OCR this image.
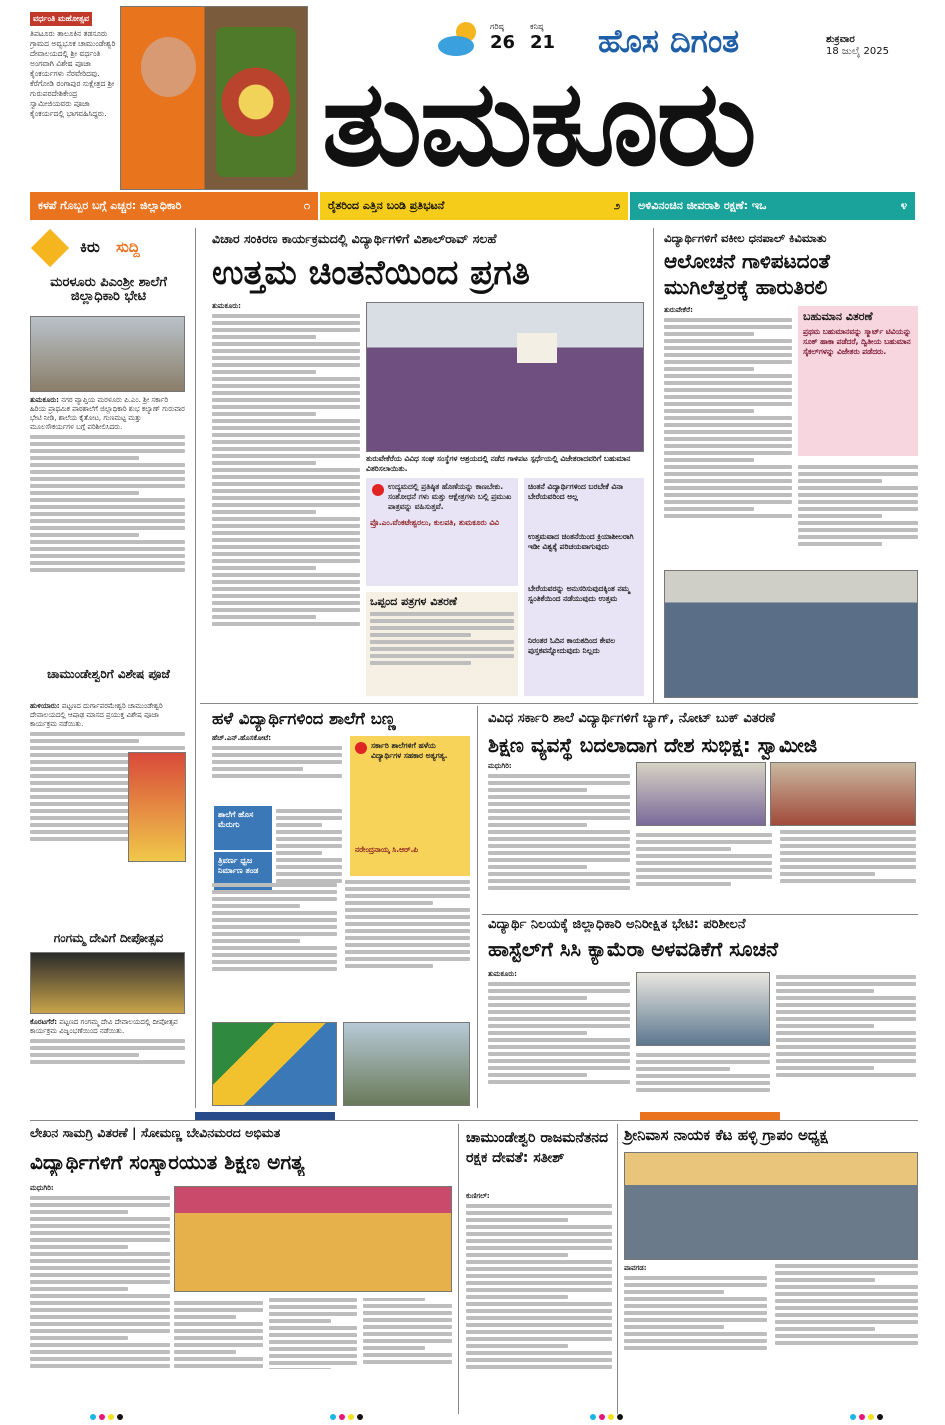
ವರ್ಧಂತಿ ಮಹೋತ್ಸವ
ತಿಪಟೂರು ತಾಲೂಕಿನ ತಡಸೂರು ಗ್ರಾಮದ ಅವ್ವಭೂಕ ಚಾಮುಂಡೇಶ್ವರಿ ದೇವಾಲಯದಲ್ಲಿ ಶ್ರೀ ವರ್ಧಂತಿ ಅಂಗವಾಗಿ ವಿಶೇಷ ಪೂಜಾ ಕೈಂಕರ್ಯಗಳು ನೆರವೇರಿದವು. ಕೆರೆಗೋಡಿ ರಂಗಾಪುರ ಸುಕ್ಷೇತ್ರದ ಶ್ರೀ ಗುರುಪರದೇಶಿಕೇಂದ್ರ ಸ್ವಾಮೀಜಿಯವರು ಪೂಜಾ ಕೈಂಕರ್ಯದಲ್ಲಿ ಭಾಗವಹಿಸಿದ್ದರು.
ಗರಿಷ್ಠ
26
ಕನಿಷ್ಠ
21 ಹೊಸ ದಿಗಂತ	ಶುಕ್ರವಾರ
18 ಜುಲೈ 2025
ತುಮಕೂರು
ಕಳಪೆ ಗೊಬ್ಬರ ಬಗ್ಗೆ ಎಚ್ಚರ: ಜಿಲ್ಲಾಧಿಕಾರಿ	೧ ರೈತರಿಂದ ಎತ್ತಿನ ಬಂಡಿ ಪ್ರತಿಭಟನೆ	೨ ಅಳಿವಿನಂಚಿನ ಜೀವರಾಶಿ ರಕ್ಷಣೆ: ಇಒ	೪
ಕಿರು ಸುದ್ದಿ
ಮರಳೂರು ಪಿಎಂಶ್ರೀ ಶಾಲೆಗೆ ಜಿಲ್ಲಾಧಿಕಾರಿ ಭೇಟಿ
ತುಮಕೂರು: ನಗರ ವ್ಯಾಪ್ತಿಯ ಮರಳೂರು ಪಿ.ಎಂ. ಶ್ರೀ ಸರ್ಕಾರಿ ಹಿರಿಯ ಪ್ರಾಥಮಿಕ ಪಾಠಶಾಲೆಗೆ ಜಿಲ್ಲಾಧಿಕಾರಿ ಶುಭ ಕಲ್ಯಾಣ್ ಗುರುವಾರ ಭೇಟಿ ನೀಡಿ, ಶಾಲೆಯ ಕೈತೋಟ, ಗುಣಮಟ್ಟ ಮತ್ತು ಮೂಲಸೌಕರ್ಯಗಳ ಬಗ್ಗೆ ಪರಿಶೀಲಿಸಿದರು.
ಚಾಮುಂಡೇಶ್ವರಿಗೆ ವಿಶೇಷ ಪೂಜೆ
ಹುಳಿಯಾರು: ಪಟ್ಟಣದ ದುರ್ಗಾಪರಮೇಶ್ವರಿ ಚಾಮುಂಡೇಶ್ವರಿ ದೇವಾಲಯದಲ್ಲಿ ಆಷಾಢ ಮಾಸದ ಪ್ರಯುಕ್ತ ವಿಶೇಷ ಪೂಜಾ ಕಾರ್ಯಕ್ರಮ ನಡೆಯಿತು.
ಗಂಗಮ್ಮ ದೇವಿಗೆ ದೀಪೋತ್ಸವ
ಕೊರಟಗೆರೆ: ಪಟ್ಟಣದ ಗಂಗಮ್ಮ ದೇವಿ ದೇವಾಲಯದಲ್ಲಿ ದೀಪೋತ್ಸವ ಕಾರ್ಯಕ್ರಮ ವಿಜೃಂಭಣೆಯಿಂದ ನಡೆಯಿತು.
ವಿಚಾರ ಸಂಕಿರಣ ಕಾರ್ಯಕ್ರಮದಲ್ಲಿ ವಿದ್ಯಾರ್ಥಿಗಳಿಗೆ ವಿಶಾಲ್‌ರಾವ್ ಸಲಹೆ
ಉತ್ತಮ ಚಿಂತನೆಯಿಂದ ಪ್ರಗತಿ
ತುಮಕೂರು:
ತುರುವೇಕೆರೆಯ ವಿವಿಧ ಸಂಘ ಸಂಸ್ಥೆಗಳ ಆಶ್ರಯದಲ್ಲಿ ನಡೆದ ಗಾಳಿಪಟ ಸ್ಪರ್ಧೆಯಲ್ಲಿ ವಿಜೇತರಾದವರಿಗೆ ಬಹುಮಾನ ವಿತರಿಸಲಾಯಿತು.
ಉದ್ಯಮದಲ್ಲಿ ಪ್ರತಿಷ್ಠಿತ ಹೊಣೆಯನ್ನು ಕಾಣಬೇಕು. ಸಂಶೋಧನೆ ಗಳು ಮತ್ತು ಆಕ್ಷೇತ್ರಗಳು ಬಲ್ಲಿ ಪ್ರಮುಖ ಪಾತ್ರವನ್ನು ವಹಿಸುತ್ತವೆ.
ಪ್ರೊ.ಎಂ.ವೆಂಕಟೇಶ್ವರಲು, ಕುಲಪತಿ, ತುಮಕೂರು ವಿವಿ
ಒಪ್ಪಂದ ಪತ್ರಗಳ ವಿತರಣೆ
ಚಿಂತನೆ ವಿದ್ಯಾರ್ಥಿಗಳಿಂದ ಬರಬೇಕೆ ವಿನಾ ಬೇರೆಯವರಿಂದ ಅಲ್ಲ
ಉತ್ತಮವಾದ ಚಿಂತನೆಯಿಂದ ಕ್ರಿಯಾಶೀಲರಾಗಿ ಇಡೀ ವಿಶ್ವಕ್ಕೆ ಪರಿಚಯವಾಗುವುದು
ಬೇರೆಯವರನ್ನು ಅನುಸರಿಸುವುದಕ್ಕಿಂತ ನಮ್ಮ ಸ್ವಂತಿಕೆಯಿಂದ ನಡೆಯುವುದು ಉತ್ತಮ
ನಿರಂತರ ಓದಿನ ಕಾಯಕದಿಂದ ಕೇವಲ ಪುಸ್ತಕವನ್ನೋದುವುದು ನಿಲ್ಲದು
ವಿದ್ಯಾರ್ಥಿಗಳಿಗೆ ವಕೀಲ ಧನಪಾಲ್ ಕಿವಿಮಾತು
ಆಲೋಚನೆ ಗಾಳಿಪಟದಂತೆ ಮುಗಿಲೆತ್ತರಕ್ಕೆ ಹಾರುತಿರಲಿ
ತುರುವೇಕೆರೆ:	ಬಹುಮಾನ ವಿತರಣೆ
ಪ್ರಥಮ ಬಹುಮಾನವನ್ನು ಸ್ಮಾರ್ಟ್ ಟಿವಿಯನ್ನು ಸೂಕ್ ಹಾಕಾ ಪಡೆದರೆ, ದ್ವಿತೀಯ ಬಹುಮಾನ ಸೈಕಲ್‌ಗಳನ್ನು ವಿಜೇತರು ಪಡೆದರು.
ಹಳೆ ವಿದ್ಯಾರ್ಥಿಗಳಿಂದ ಶಾಲೆಗೆ ಬಣ್ಣ
ಹೆಚ್.ಎನ್.ಹೊಸಕೋಟೆ:
ಸರ್ಕಾರಿ ಶಾಲೆಗಳಿಗೆ ಹಳೆಯ ವಿದ್ಯಾರ್ಥಿಗಳ ಸಹಕಾರ ಅತ್ಯಗತ್ಯ.
ನರೇಂದ್ರನಾಯ್ಕ ಸಿ.ಆರ್.ಪಿ
ಶಾಲೆಗೆ ಹೊಸ ಮೆರುಗು
ತ್ರಿವರ್ಣ ಧ್ವಜ ನಿರ್ಮಾಣ ತಂಡ
ವಿವಿಧ ಸರ್ಕಾರಿ ಶಾಲೆ ವಿದ್ಯಾರ್ಥಿಗಳಿಗೆ ಬ್ಯಾಗ್, ನೋಟ್ ಬುಕ್ ವಿತರಣೆ
ಶಿಕ್ಷಣ ವ್ಯವಸ್ಥೆ ಬದಲಾದಾಗ ದೇಶ ಸುಭಿಕ್ಷ: ಸ್ವಾಮೀಜಿ
ಮಧುಗಿರಿ:
ವಿದ್ಯಾರ್ಥಿ ನಿಲಯಕ್ಕೆ ಜಿಲ್ಲಾಧಿಕಾರಿ ಅನಿರೀಕ್ಷಿತ ಭೇಟಿ: ಪರಿಶೀಲನೆ
ಹಾಸ್ಟೆಲ್‌ಗೆ ಸಿಸಿ ಕ್ಯಾಮೆರಾ ಅಳವಡಿಕೆಗೆ ಸೂಚನೆ
ತುಮಕೂರು:
ಲೇಖನ ಸಾಮಗ್ರಿ ವಿತರಣೆ | ಸೋಮಣ್ಣ ಬೇವಿನಮರದ ಅಭಿಮತ
ವಿದ್ಯಾರ್ಥಿಗಳಿಗೆ ಸಂಸ್ಕಾರಯುತ ಶಿಕ್ಷಣ ಅಗತ್ಯ
ಮಧುಗಿರಿ:
ಚಾಮುಂಡೇಶ್ವರಿ ರಾಜಮನೆತನದ ರಕ್ಷಕ ದೇವತೆ: ಸತೀಶ್
ಕುಣಿಗಲ್:
ಶ್ರೀನಿವಾಸ ನಾಯಕ ಕೆಟ ಹಳ್ಳಿ ಗ್ರಾಪಂ ಅಧ್ಯಕ್ಷ
ಪಾವಗಡ:
